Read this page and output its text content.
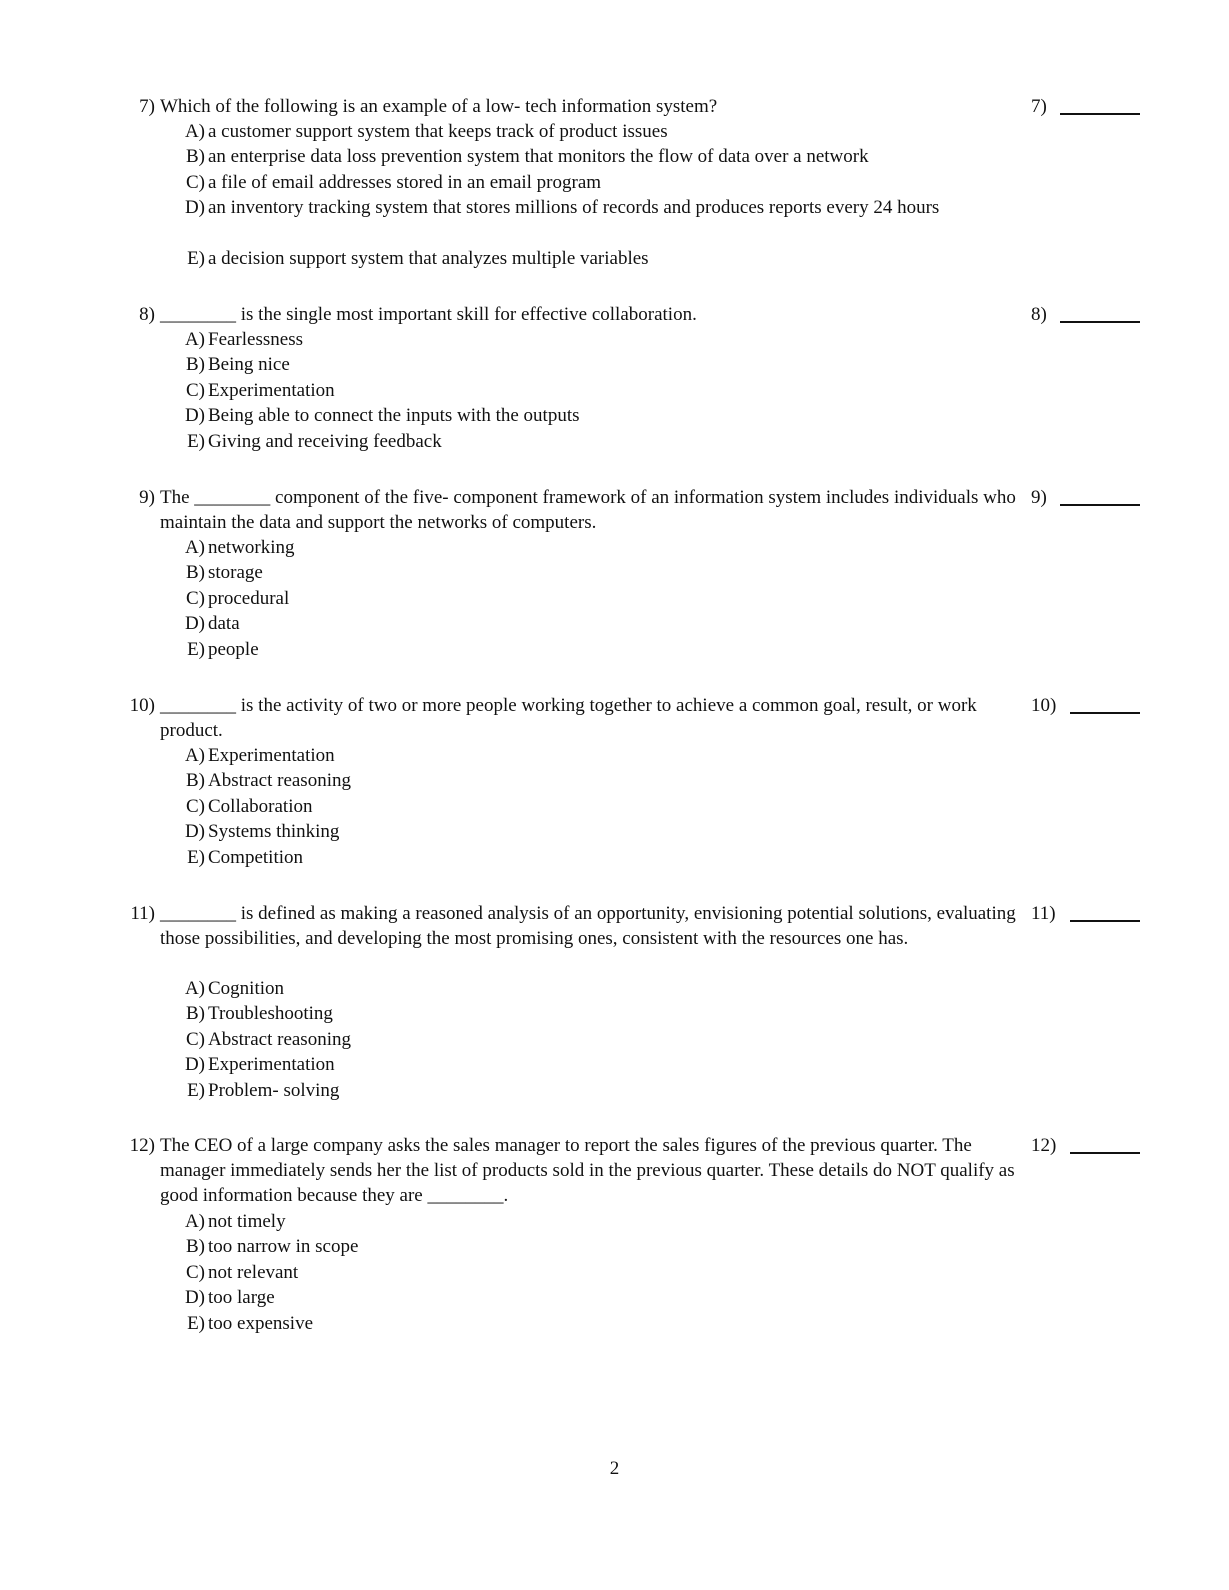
7) Which of the following is an example of a low- tech information system?	7)
A) a customer support system that keeps track of product issues
B) an enterprise data loss prevention system that monitors the flow of data over a network
C) a file of email addresses stored in an email program
D) an inventory tracking system that stores millions of records and produces reports every 24 hours
E) a decision support system that analyzes multiple variables
8) ________ is the single most important skill for effective collaboration.	8)
A) Fearlessness
B) Being nice
C) Experimentation
D) Being able to connect the inputs with the outputs
E) Giving and receiving feedback
9) The ________ component of the five- component framework of an information system includes individuals who maintain the data and support the networks of computers.
9)
A) networking
B) storage
C) procedural
D) data
E) people
10) ________ is the activity of two or more people working together to achieve a common goal, result, or work product.
10)
A) Experimentation
B) Abstract reasoning
C) Collaboration
D) Systems thinking
E) Competition
11) ________ is defined as making a reasoned analysis of an opportunity, envisioning potential solutions, evaluating those possibilities, and developing the most promising ones, consistent with the resources one has.
11)
A) Cognition
B) Troubleshooting
C) Abstract reasoning
D) Experimentation
E) Problem- solving
12) The CEO of a large company asks the sales manager to report the sales figures of the previous quarter. The manager immediately sends her the list of products sold in the previous quarter. These details do NOT qualify as good information because they are ________.
12)
A) not timely
B) too narrow in scope
C) not relevant
D) too large
E) too expensive
2
